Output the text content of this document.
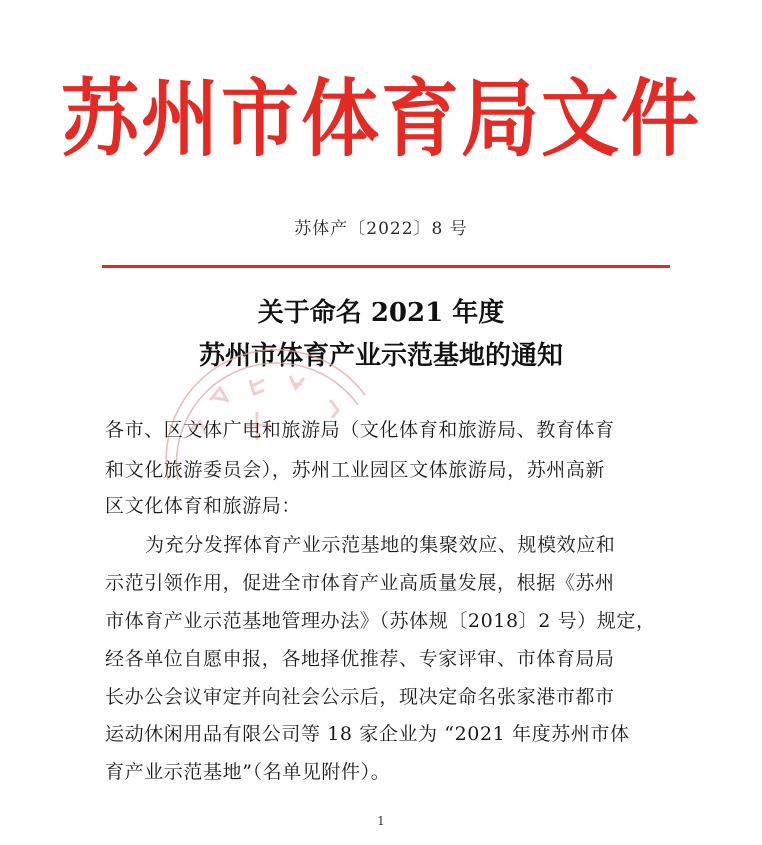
苏州市体育局文件
苏体产〔2022〕8 号
关于命名 2021 年度
苏州市体育产业示范基地的通知
各市、区文体广电和旅游局（文化体育和旅游局、教育体育
和文化旅游委员会），苏州工业园区文体旅游局，苏州高新
区文化体育和旅游局：
为充分发挥体育产业示范基地的集聚效应、规模效应和
示范引领作用，促进全市体育产业高质量发展，根据《苏州
市体育产业示范基地管理办法》（苏体规〔2018〕2 号）规定，
经各单位自愿申报，各地择优推荐、专家评审、市体育局局
长办公会议审定并向社会公示后，现决定命名张家港市都市
运动休闲用品有限公司等 18 家企业为 “2021 年度苏州市体
育产业示范基地”（名单见附件）。
1
